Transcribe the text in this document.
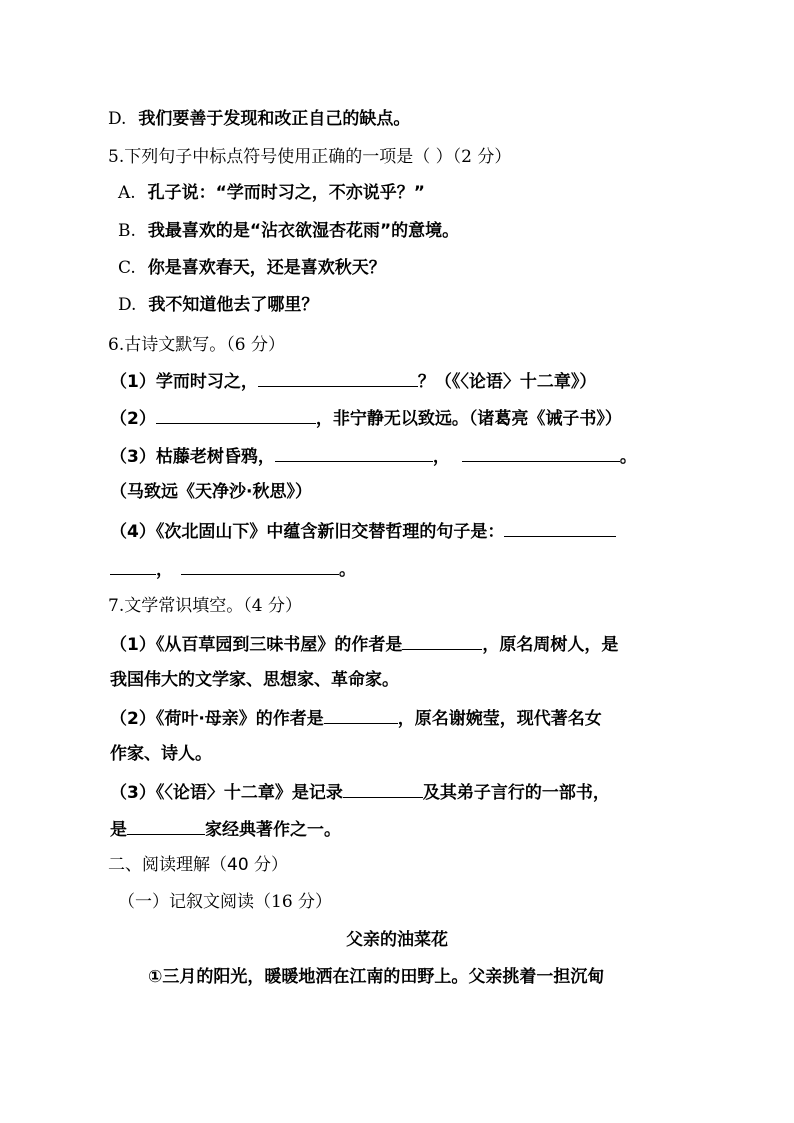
D. 我们要善于发现和改正自己的缺点。
5.下列句子中标点符号使用正确的一项是（ ）（2 分）
A. 孔子说：“学而时习之，不亦说乎？”
B. 我最喜欢的是“沾衣欲湿杏花雨”的意境。
C. 你是喜欢春天，还是喜欢秋天？
D. 我不知道他去了哪里？
6.古诗文默写。（6 分）
（1）学而时习之，	？（《〈论语〉十二章》）
（2）	，非宁静无以致远。（诸葛亮《诫子书》）
（3）枯藤老树昏鸦，	，	。
（马致远《天净沙·秋思》）
（4）《次北固山下》中蕴含新旧交替哲理的句子是：
，	。
7.文学常识填空。（4 分）
（1）《从百草园到三味书屋》的作者是	，原名周树人，是
我国伟大的文学家、思想家、革命家。
（2）《荷叶·母亲》的作者是	，原名谢婉莹，现代著名女
作家、诗人。
（3）《〈论语〉十二章》是记录	及其弟子言行的一部书，
是	家经典著作之一。
二、阅读理解（40 分）
（一）记叙文阅读（16 分）
父亲的油菜花
①三月的阳光，暖暖地洒在江南的田野上。父亲挑着一担沉甸
